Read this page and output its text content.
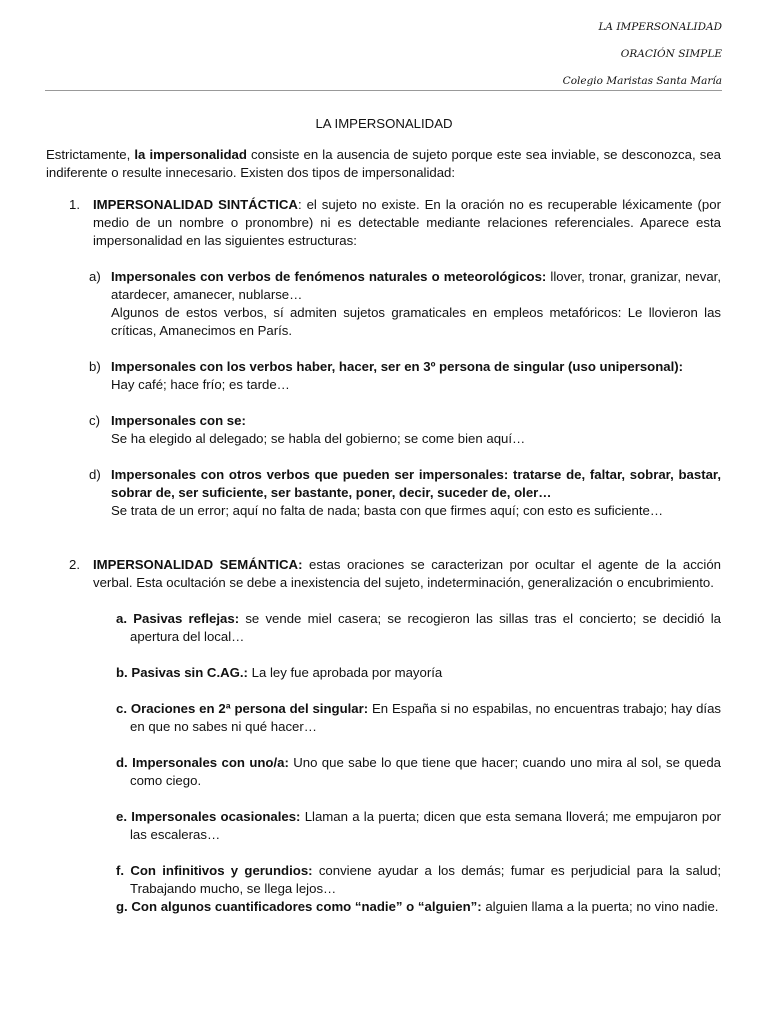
LA IMPERSONALIDAD
ORACIÓN SIMPLE
Colegio Maristas Santa María
LA IMPERSONALIDAD

Estrictamente, la impersonalidad consiste en la ausencia de sujeto porque este sea inviable, se desconozca, sea indiferente o resulte innecesario. Existen dos tipos de impersonalidad:

1. IMPERSONALIDAD SINTÁCTICA: el sujeto no existe. En la oración no es recuperable léxicamente (por medio de un nombre o pronombre) ni es detectable mediante relaciones referenciales. Aparece esta impersonalidad en las siguientes estructuras:

a) Impersonales con verbos de fenómenos naturales o meteorológicos: llover, tronar, granizar, nevar, atardecer, amanecer, nublarse…

Algunos de estos verbos, sí admiten sujetos gramaticales en empleos metafóricos: Le llovieron las críticas, Amanecimos en París.

b) Impersonales con los verbos haber, hacer, ser en 3º persona de singular (uso unipersonal):

Hay café; hace frío; es tarde…

c) Impersonales con se:

Se ha elegido al delegado; se habla del gobierno; se come bien aquí…

d) Impersonales con otros verbos que pueden ser impersonales: tratarse de, faltar, sobrar, bastar, sobrar de, ser suficiente, ser bastante, poner, decir, suceder de, oler…

Se trata de un error; aquí no falta de nada; basta con que firmes aquí; con esto es suficiente…

2. IMPERSONALIDAD SEMÁNTICA: estas oraciones se caracterizan por ocultar el agente de la acción verbal. Esta ocultación se debe a inexistencia del sujeto, indeterminación, generalización o encubrimiento.

a. Pasivas reflejas: se vende miel casera; se recogieron las sillas tras el concierto; se decidió la apertura del local…

b. Pasivas sin C.AG.: La ley fue aprobada por mayoría

c. Oraciones en 2ª persona del singular: En España si no espabilas, no encuentras trabajo; hay días en que no sabes ni qué hacer…

d. Impersonales con uno/a: Uno que sabe lo que tiene que hacer; cuando uno mira al sol, se queda como ciego.

e. Impersonales ocasionales: Llaman a la puerta; dicen que esta semana lloverá; me empujaron por las escaleras…

f. Con infinitivos y gerundios: conviene ayudar a los demás; fumar es perjudicial para la salud; Trabajando mucho, se llega lejos…

g. Con algunos cuantificadores como “nadie” o “alguien”: alguien llama a la puerta; no vino nadie.
